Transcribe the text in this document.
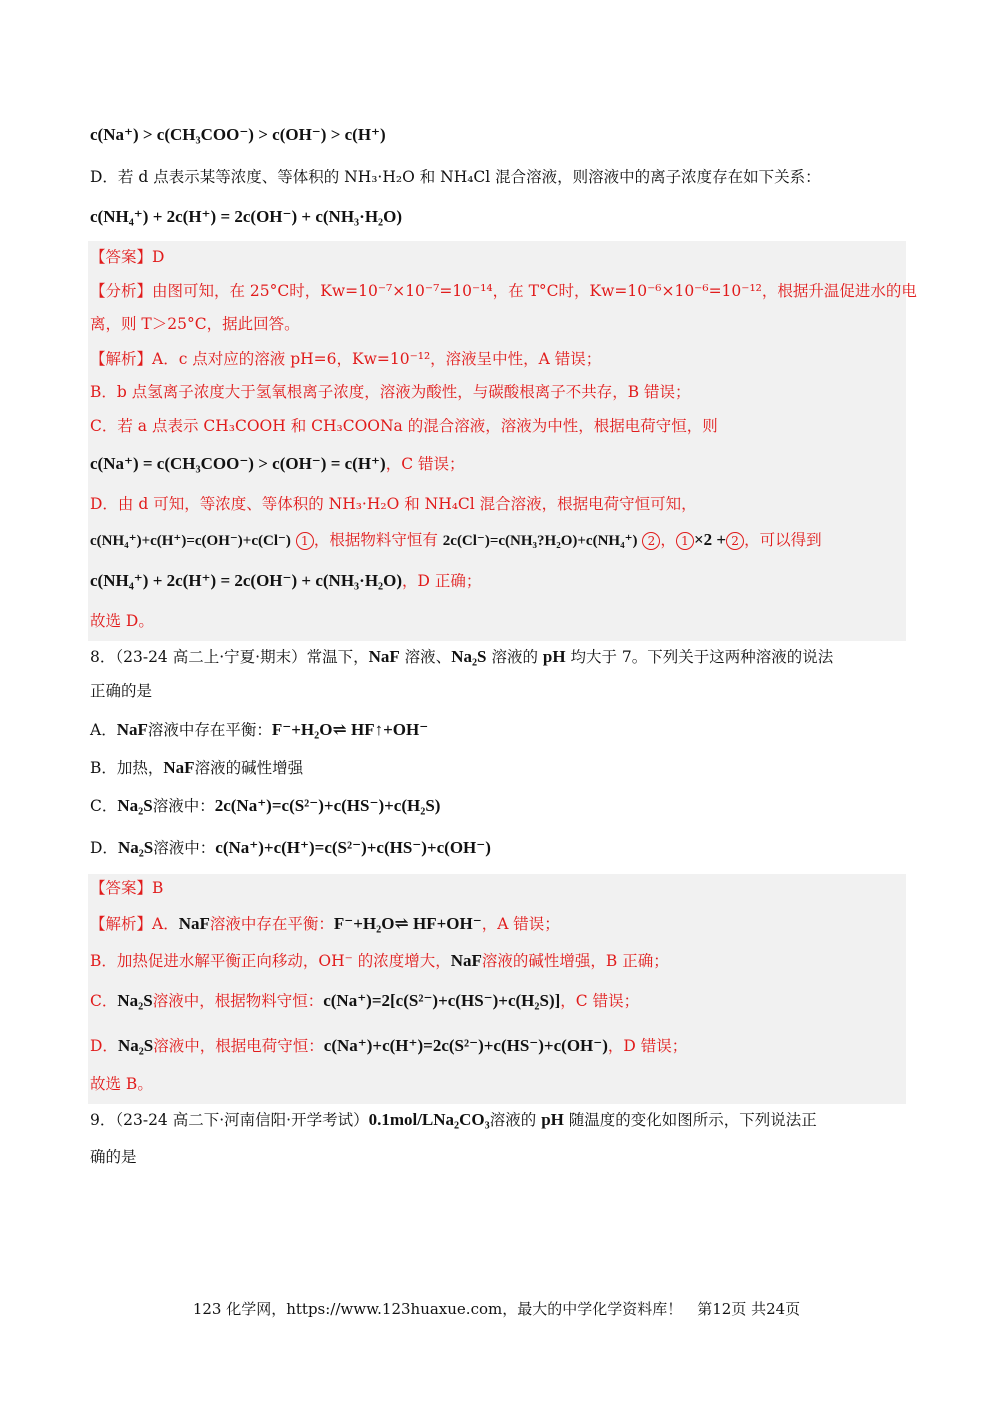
c(Na⁺) > c(CH₃COO⁻) > c(OH⁻) > c(H⁺)
D．若 d 点表示某等浓度、等体积的 NH₃·H₂O 和 NH₄Cl 混合溶液，则溶液中的离子浓度存在如下关系：
c(NH₄⁺) + 2c(H⁺) = 2c(OH⁻) + c(NH₃·H₂O)
【答案】D
【分析】由图可知，在 25°C时，Kw=10⁻⁷×10⁻⁷=10⁻¹⁴，在 T°C时，Kw=10⁻⁶×10⁻⁶=10⁻¹²，根据升温促进水的电
离，则 T＞25°C，据此回答。
【解析】A．c 点对应的溶液 pH=6，Kw=10⁻¹²，溶液呈中性，A 错误；
B．b 点氢离子浓度大于氢氧根离子浓度，溶液为酸性，与碳酸根离子不共存，B 错误；
C．若 a 点表示 CH₃COOH 和 CH₃COONa 的混合溶液，溶液为中性，根据电荷守恒，则
c(Na⁺) = c(CH₃COO⁻) > c(OH⁻) = c(H⁺)，C 错误；
D．由 d 可知，等浓度、等体积的 NH₃·H₂O 和 NH₄Cl 混合溶液，根据电荷守恒可知，
c(NH₄⁺)+c(H⁺)=c(OH⁻)+c(Cl⁻) 1 ，根据物料守恒有 2c(Cl⁻)=c(NH₃?H₂O)+c(NH₄⁺) 2 ， 1 ×2 + 2 ，可以得到
c(NH₄⁺) + 2c(H⁺) = 2c(OH⁻) + c(NH₃·H₂O)，D 正确；
故选 D。
8．（23-24 高二上·宁夏·期末）常温下，NaF 溶液、Na₂S 溶液的 pH 均大于 7。下列关于这两种溶液的说法
正确的是
A．NaF溶液中存在平衡：F⁻+H₂O⇌ HF↑+OH⁻
B．加热，NaF溶液的碱性增强
C．Na₂S溶液中：2c(Na⁺)=c(S²⁻)+c(HS⁻)+c(H₂S)
D．Na₂S溶液中：c(Na⁺)+c(H⁺)=c(S²⁻)+c(HS⁻)+c(OH⁻)
【答案】B
【解析】A．NaF溶液中存在平衡：F⁻+H₂O⇌ HF+OH⁻，A 错误；
B．加热促进水解平衡正向移动，OH⁻ 的浓度增大，NaF溶液的碱性增强，B 正确；
C．Na₂S溶液中，根据物料守恒：c(Na⁺)=2[c(S²⁻)+c(HS⁻)+c(H₂S)]，C 错误；
D．Na₂S溶液中，根据电荷守恒：c(Na⁺)+c(H⁺)=2c(S²⁻)+c(HS⁻)+c(OH⁻)，D 错误；
故选 B。
9．（23-24 高二下·河南信阳·开学考试）0.1mol/LNa₂CO₃溶液的 pH 随温度的变化如图所示，下列说法正
确的是
123 化学网，https://www.123huaxue.com，最大的中学化学资料库！　第12页 共24页
